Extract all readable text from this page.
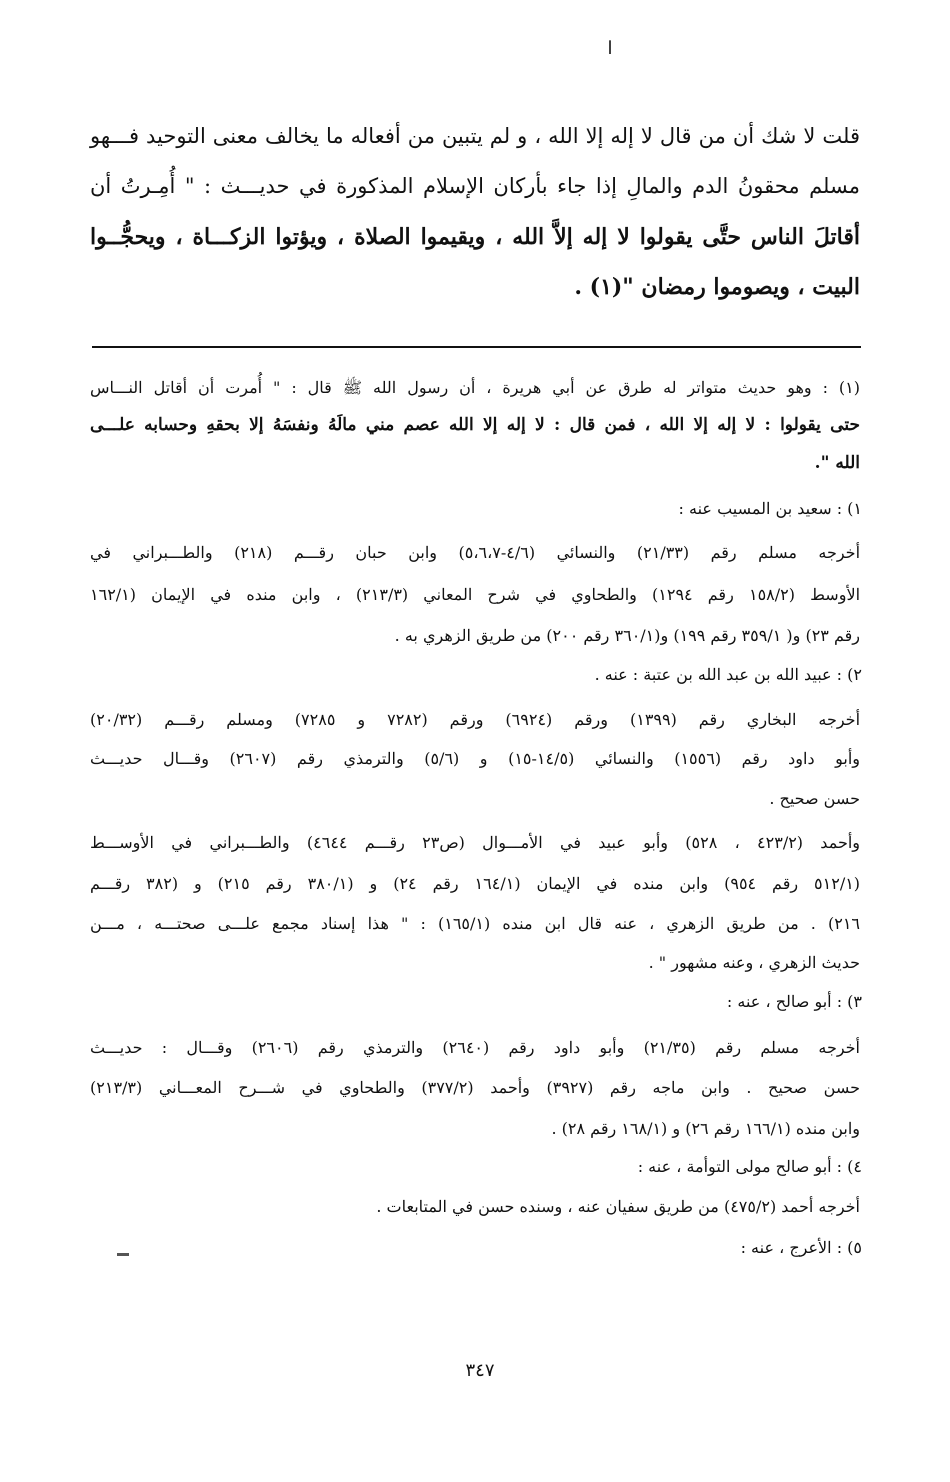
ا
قلت لا شك أن من قال لا إله إلا الله ، و لم يتبين من أفعاله ما يخالف معنى التوحيد فـــهو
مسلم محقونُ الدم والمالِ إذا جاء بأركان الإسلام المذكورة في حديـــث : " أُمِـرتُ أن
أقاتلَ الناس حتَّى يقولوا لا إله إلاَّ الله ، ويقيموا الصلاة ، ويؤتوا الزكـــاة ، ويحجُّــوا
البيت ، ويصوموا رمضان "(١) .
(١) : وهو حديث متواتر له طرق عن أبي هريرة ، أن رسول الله ﷺ قال : " أُمرت أن أقاتل النـــاس
حتى يقولوا : لا إله إلا الله ، فمن قال : لا إله إلا الله عصم مني مالَهُ ونفسَهُ إلا بحقهِ وحسابه علـــى
الله ".
١) : سعيد بن المسيب عنه :
أخرجه مسلم رقم (٢١/٣٣) والنسائي (٤/٦-٥،٦،٧) وابن حبان رقـــم (٢١٨) والطـــبراني في
الأوسط (١٥٨/٢ رقم ١٢٩٤) والطحاوي في شرح المعاني (٢١٣/٣) ، وابن منده في الإيمان (١٦٢/١
رقم ٢٣) و( ٣٥٩/١ رقم ١٩٩) و(٣٦٠/١ رقم ٢٠٠) من طريق الزهري به .
٢) : عبيد الله بن عبد الله بن عتبة : عنه .
أخرجه البخاري رقم (١٣٩٩) ورقم (٦٩٢٤) ورقم (٧٢٨٢ و ٧٢٨٥) ومسلم رقـــم (٢٠/٣٢)
وأبو داود رقم (١٥٥٦) والنسائي (١٤/٥-١٥) و (٥/٦) والترمذي رقم (٢٦٠٧) وقـــال حديـــث
حسن صحيح .
وأحمد (٤٢٣/٢ ، ٥٢٨) وأبو عبيد في الأمـــوال (ص٢٣ رقـــم ٤٦٤٤) والطـــبراني في الأوســـط
(٥١٢/١ رقم ٩٥٤) وابن منده في الإيمان (١٦٤/١ رقم ٢٤) و (٣٨٠/١ رقم ٢١٥) و (٣٨٢ رقـــم
٢١٦) . من طريق الزهري ، عنه قال ابن منده (١٦٥/١) : " هذا إسناد مجمع علـــى صحتـــه ، مـــن
حديث الزهري ، وعنه مشهور " .
٣) : أبو صالح ، عنه :
أخرجه مسلم رقم (٢١/٣٥) وأبو داود رقم (٢٦٤٠) والترمذي رقم (٢٦٠٦) وقـــال : حديـــث
حسن صحيح . وابن ماجه رقم (٣٩٢٧) وأحمد (٣٧٧/٢) والطحاوي في شـــرح المعـــاني (٢١٣/٣)
وابن منده (١٦٦/١ رقم ٢٦) و (١٦٨/١ رقم ٢٨) .
٤) : أبو صالح مولى التوأمة ، عنه :
أخرجه أحمد (٤٧٥/٢) من طريق سفيان عنه ، وسنده حسن في المتابعات .
٥) : الأعرج ، عنه :
٣٤٧
